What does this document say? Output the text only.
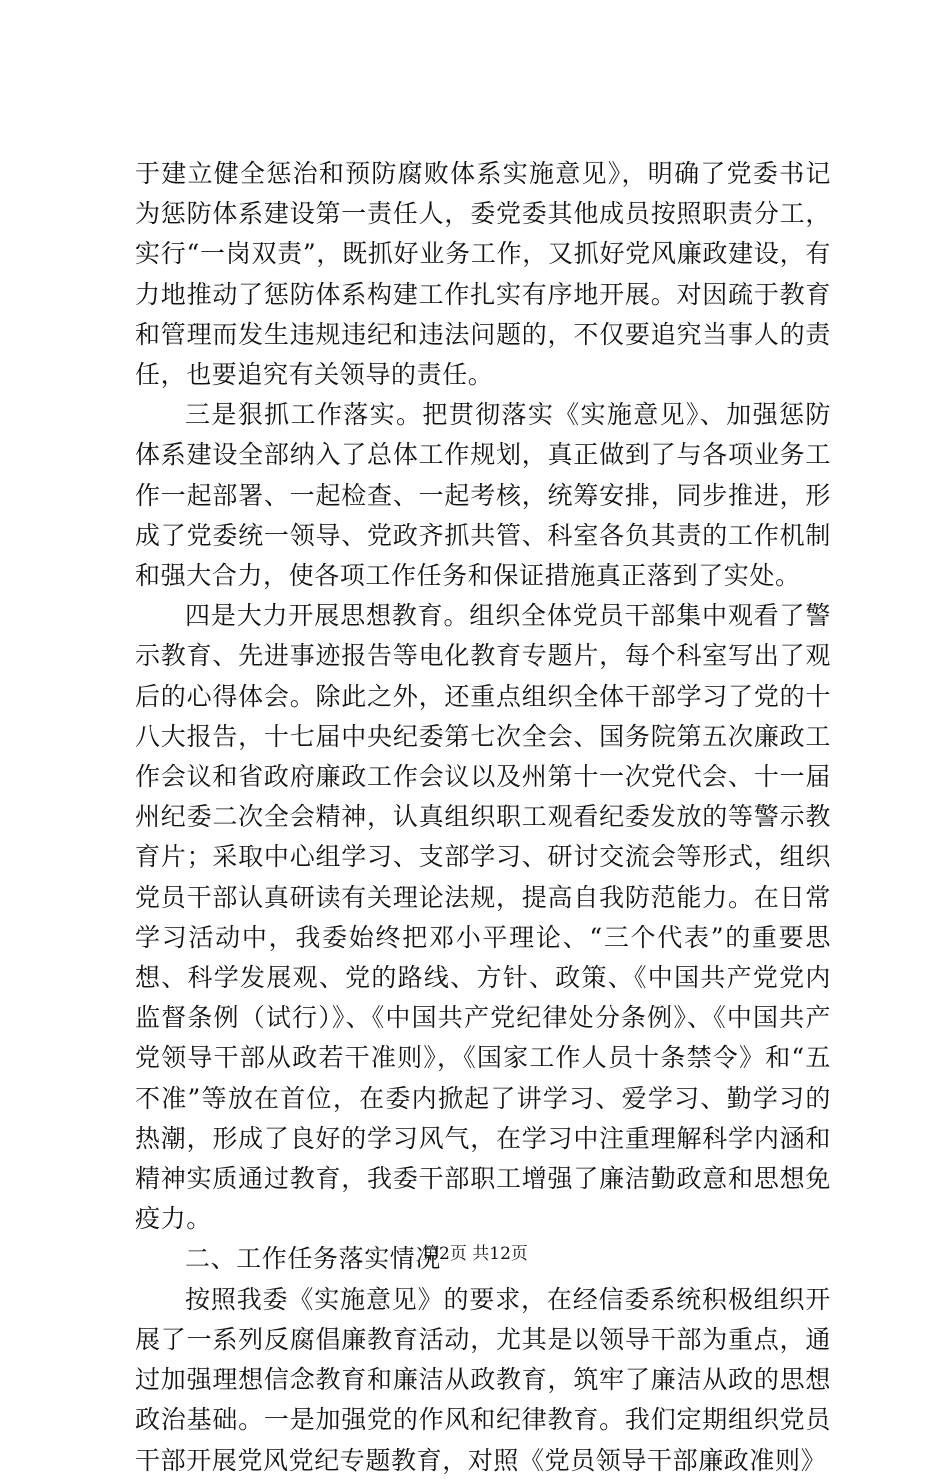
于建立健全惩治和预防腐败体系实施意见》，明确了党委书记为惩防体系建设第一责任人，委党委其他成员按照职责分工，实行“一岗双责”，既抓好业务工作，又抓好党风廉政建设，有力地推动了惩防体系构建工作扎实有序地开展。对因疏于教育和管理而发生违规违纪和违法问题的，不仅要追究当事人的责任，也要追究有关领导的责任。

三是狠抓工作落实。把贯彻落实《实施意见》、加强惩防体系建设全部纳入了总体工作规划，真正做到了与各项业务工作一起部署、一起检查、一起考核，统筹安排，同步推进，形成了党委统一领导、党政齐抓共管、科室各负其责的工作机制和强大合力，使各项工作任务和保证措施真正落到了实处。

四是大力开展思想教育。组织全体党员干部集中观看了警示教育、先进事迹报告等电化教育专题片，每个科室写出了观后的心得体会。除此之外，还重点组织全体干部学习了党的十八大报告，十七届中央纪委第七次全会、国务院第五次廉政工作会议和省政府廉政工作会议以及州第十一次党代会、十一届州纪委二次全会精神，认真组织职工观看纪委发放的等警示教育片；采取中心组学习、支部学习、研讨交流会等形式，组织党员干部认真研读有关理论法规，提高自我防范能力。在日常学习活动中，我委始终把邓小平理论、“三个代表”的重要思想、科学发展观、党的路线、方针、政策、《中国共产党党内监督条例（试行）》、《中国共产党纪律处分条例》、《中国共产党领导干部从政若干准则》，《国家工作人员十条禁令》和“五不准”等放在首位，在委内掀起了讲学习、爱学习、勤学习的热潮，形成了良好的学习风气，在学习中注重理解科学内涵和精神实质通过教育，我委干部职工增强了廉洁勤政意和思想免疫力。

二、工作任务落实情况

按照我委《实施意见》的要求，在经信委系统积极组织开展了一系列反腐倡廉教育活动，尤其是以领导干部为重点，通过加强理想信念教育和廉洁从政教育，筑牢了廉洁从政的思想政治基础。一是加强党的作风和纪律教育。我们定期组织党员干部开展党风党纪专题教育，对照《党员领导干部廉政准则》

第2页 共12页
